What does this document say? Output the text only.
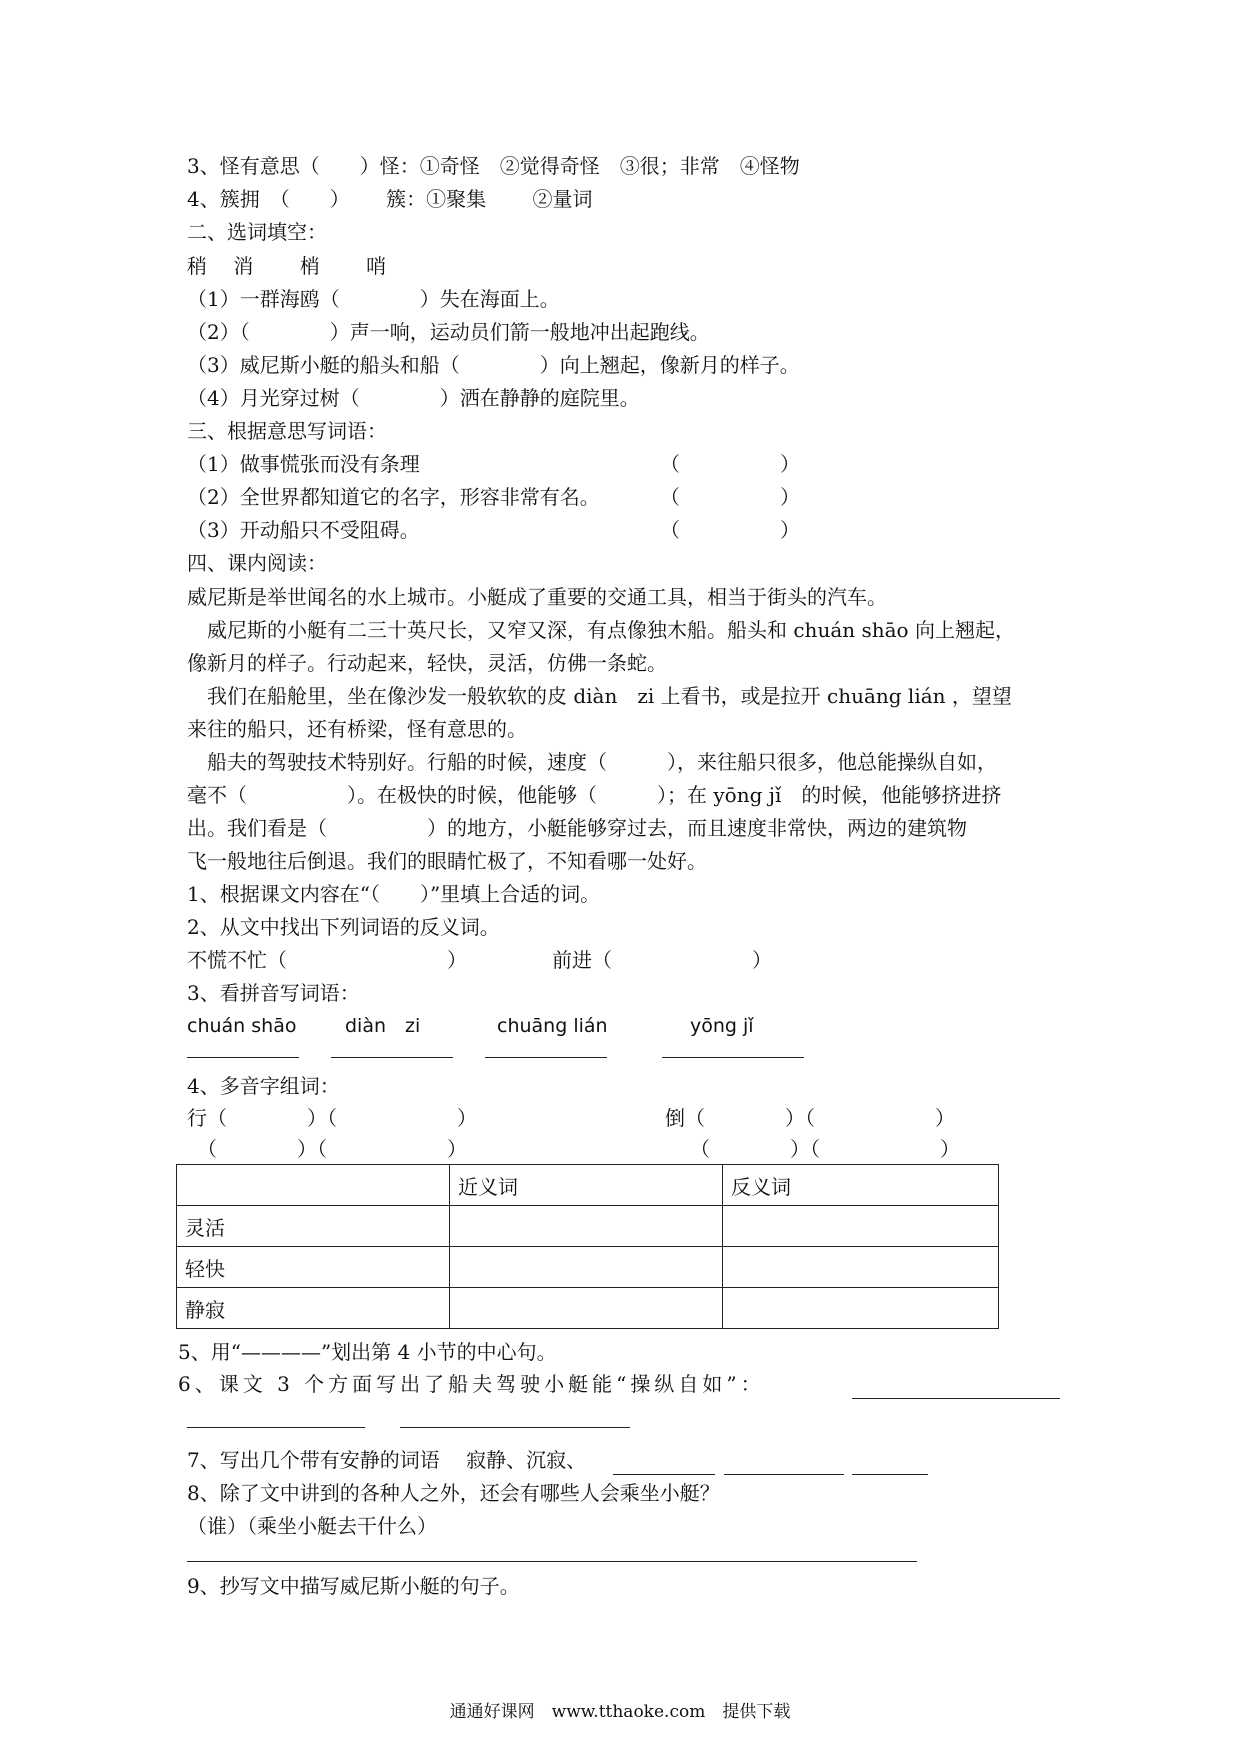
3、怪有意思（　　）怪：①奇怪　②觉得奇怪　③很；非常　④怪物
4、簇拥　（　　）　　 簇：①聚集　　 ②量词
二、选词填空：
稍　 消　　 梢　　 哨
（1）一群海鸥（　　　　）失在海面上。
（2）（　　　　）声一响，运动员们箭一般地冲出起跑线。
（3）威尼斯小艇的船头和船（　　　　）向上翘起，像新月的样子。
（4）月光穿过树（　　　　）洒在静静的庭院里。
三、根据意思写词语：
（1）做事慌张而没有条理	（　　　　　）
（2）全世界都知道它的名字，形容非常有名。	（　　　　　）
（3）开动船只不受阻碍。	（　　　　　）
四、课内阅读：
威尼斯是举世闻名的水上城市。小艇成了重要的交通工具，相当于街头的汽车。
　威尼斯的小艇有二三十英尺长，又窄又深，有点像独木船。船头和 chuán shāo 向上翘起，
像新月的样子。行动起来，轻快，灵活，仿佛一条蛇。
　我们在船舱里，坐在像沙发一般软软的皮 diàn　zi 上看书，或是拉开 chuāng lián ，望望
来往的船只，还有桥梁，怪有意思的。
　船夫的驾驶技术特别好。行船的时候，速度（　　　），来往船只很多，他总能操纵自如，
毫不（　　　　　）。在极快的时候，他能够（　　　）；在 yōng jǐ　的时候，他能够挤进挤
出。我们看是（　　　　　）的地方，小艇能够穿过去，而且速度非常快，两边的建筑物
飞一般地往后倒退。我们的眼睛忙极了，不知看哪一处好。
1、根据课文内容在“（　　）”里填上合适的词。
2、从文中找出下列词语的反义词。
不慌不忙（　　　　　　　　）	前进（　　　　　　　）
3、看拼音写词语：
chuán shāo	diàn　zi	chuāng lián	yōng jǐ
4、多音字组词：
行（　　　　）（　　　　　　）	倒（　　　　）（　　　　　　）
　（　　　　）（　　　　　　）	（　　　　）（　　　　　　）
	近义词	反义词
灵活		
轻快		
静寂		
5、用“————”划出第 4 小节的中心句。
6、课文 3 个方面写出了船夫驾驶小艇能“操纵自如”：
7、写出几个带有安静的词语　 寂静、沉寂、
8、除了文中讲到的各种人之外，还会有哪些人会乘坐小艇？
（谁）（乘坐小艇去干什么）
9、抄写文中描写威尼斯小艇的句子。
通通好课网　www.tthaoke.com　提供下载
